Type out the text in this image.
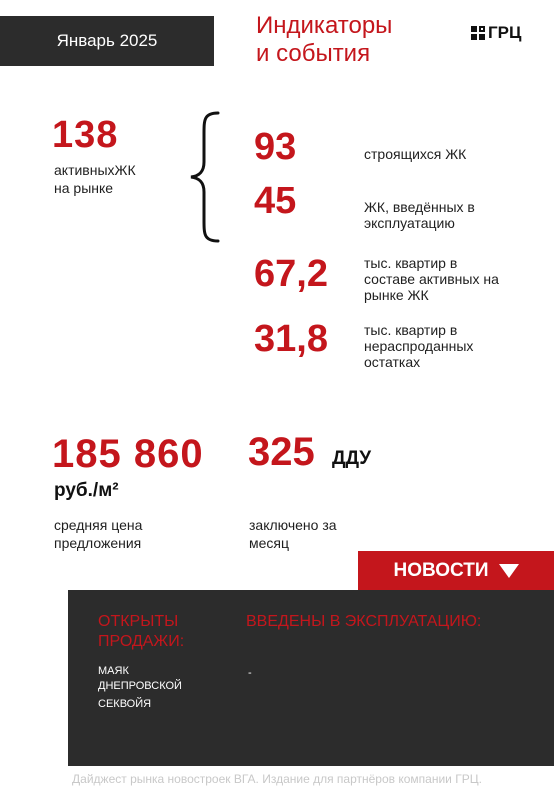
Январь 2025
Индикаторы
и события
ГРЦ
138
активныхЖК
на рынке
93	строящихся ЖК
45	ЖК, введённых в
эксплуатацию
67,2	тыс. квартир в
составе активных на
рынке ЖК
31,8	тыс. квартир в
нераспроданных
остатках
185 860
руб./м²
средняя цена
предложения
325 ДДУ
заключено за
месяц
НОВОСТИ
ОТКРЫТЫ
ПРОДАЖИ:
МАЯК
ДНЕПРОВСКОЙ
СЕКВОЙЯ
ВВЕДЕНЫ В ЭКСПЛУАТАЦИЮ:
-
Дайджест рынка новостроек ВГА. Издание для партнёров компании ГРЦ.
